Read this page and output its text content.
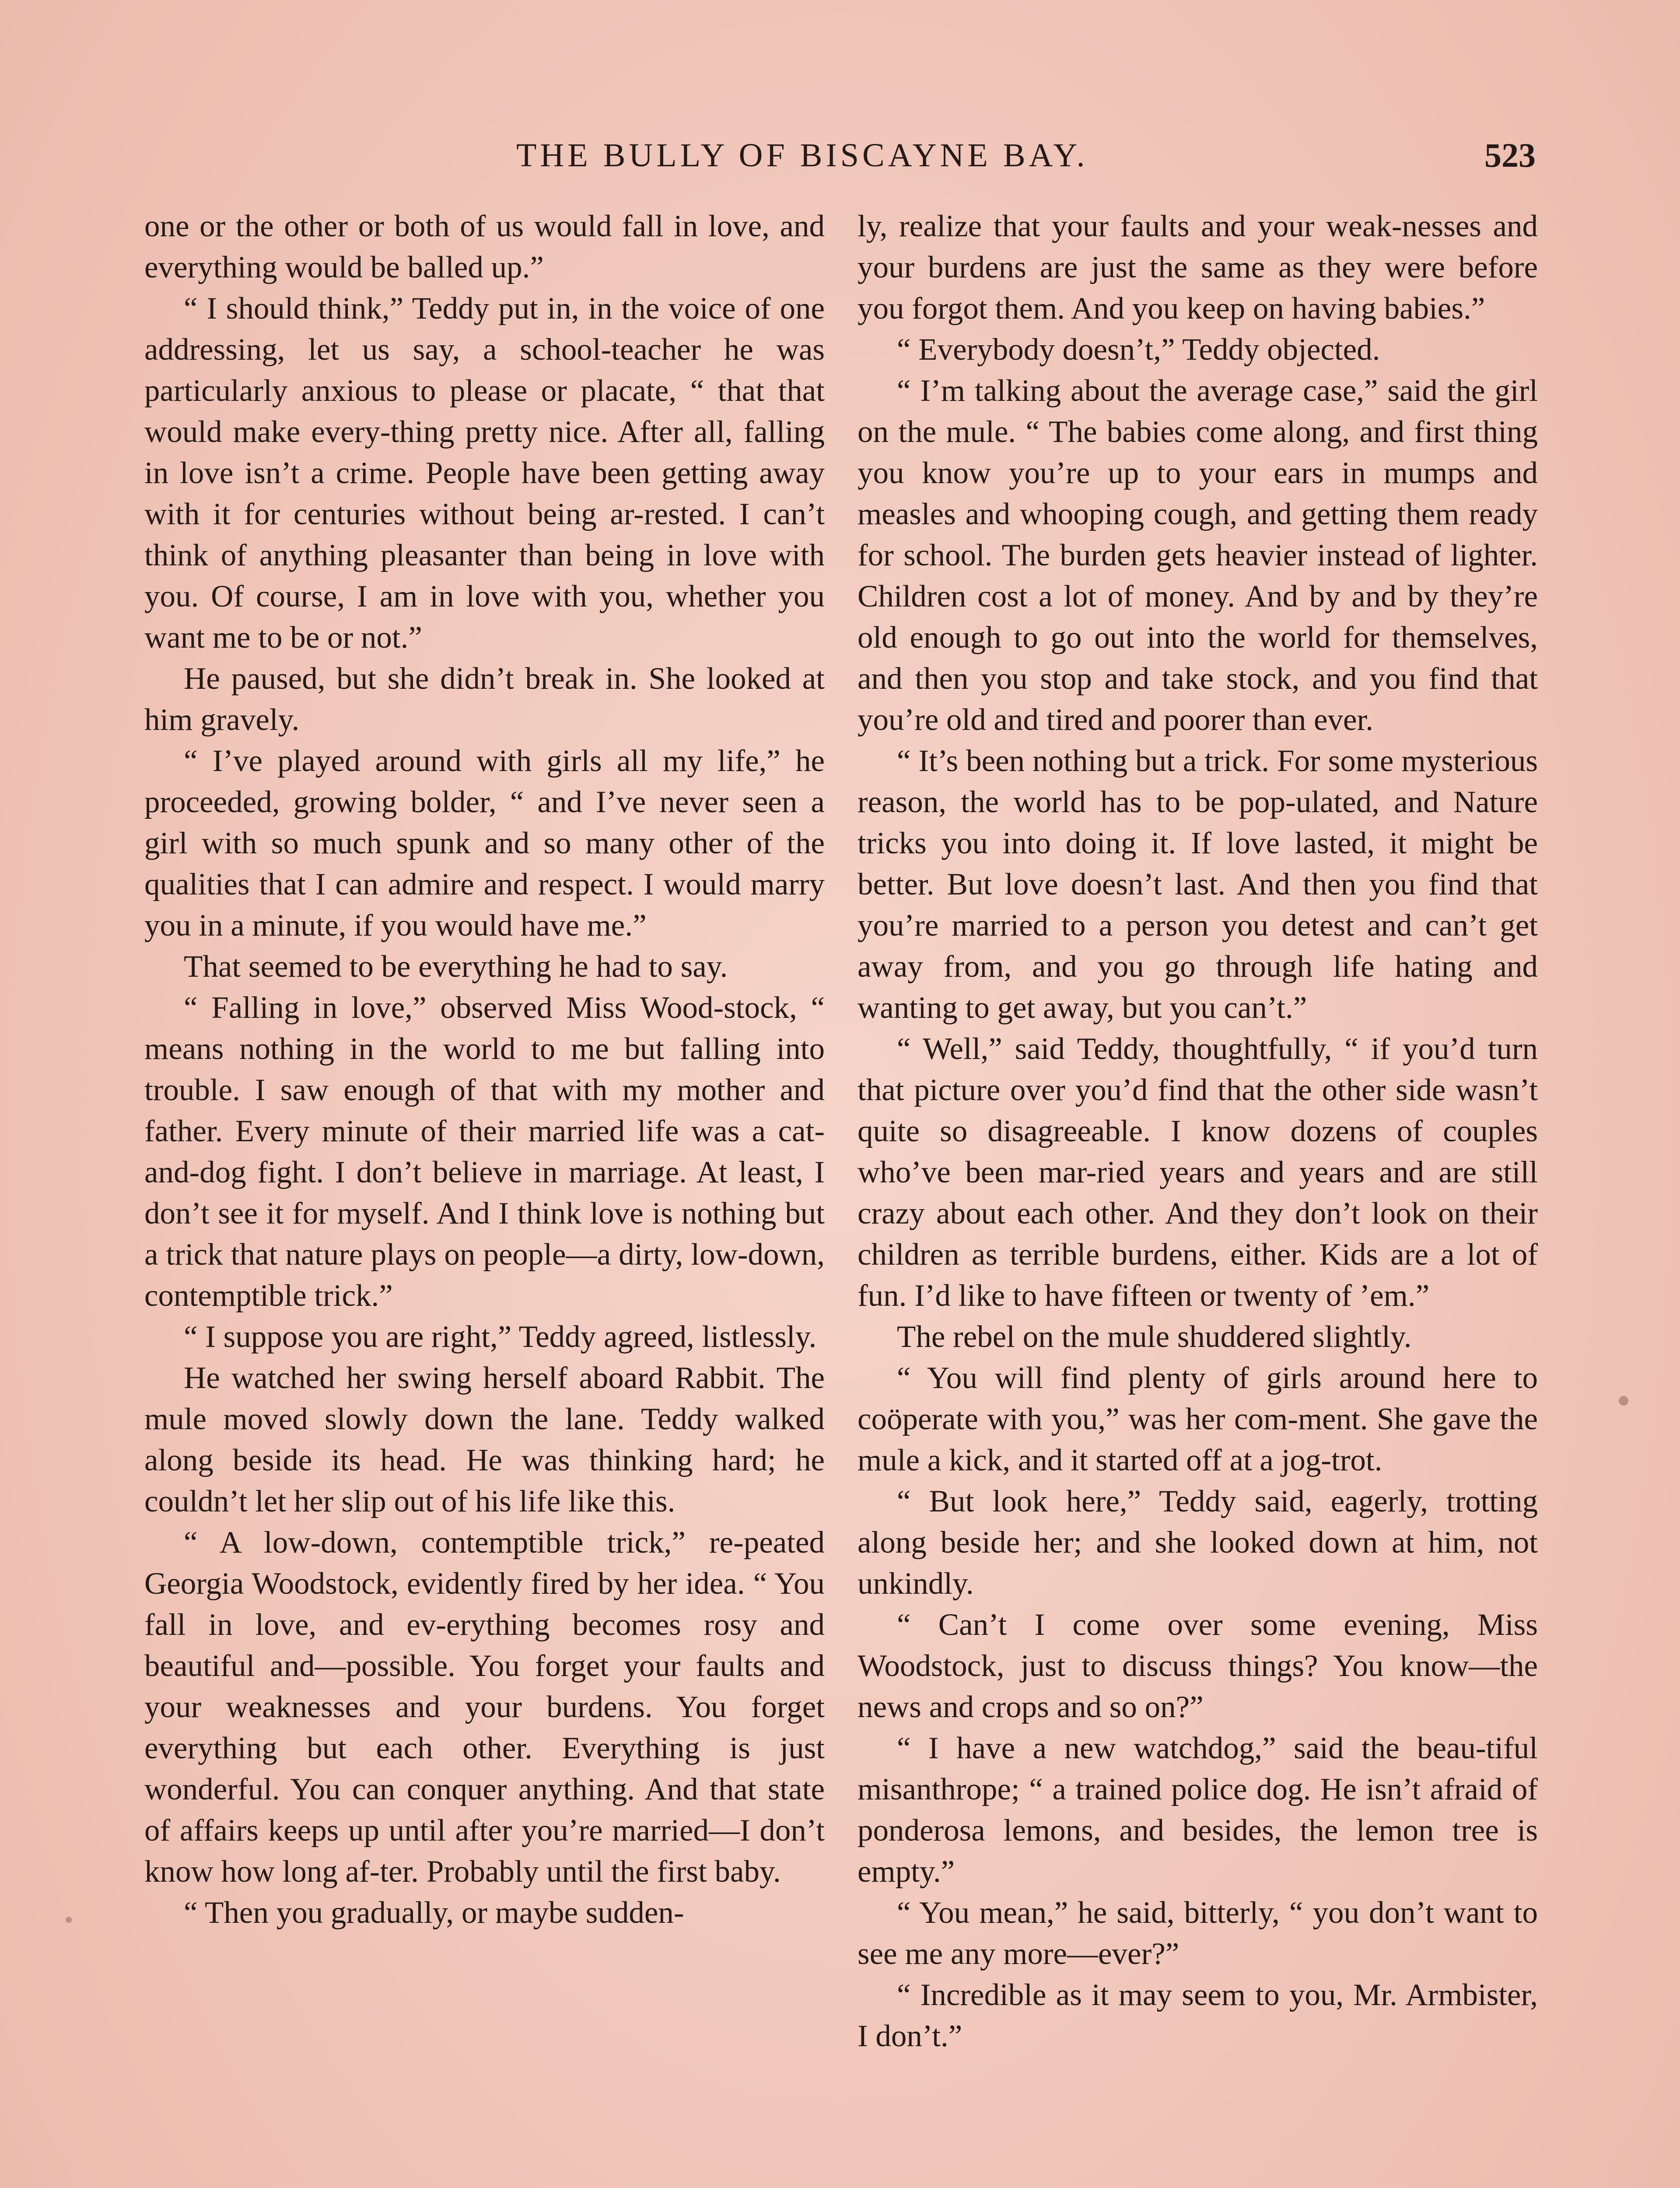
THE BULLY OF BISCAYNE BAY.	523

one or the other or both of us would fall in love, and everything would be balled up.”

“ I should think,” Teddy put in, in the voice of one addressing, let us say, a school-teacher he was particularly anxious to please or placate, “ that that would make every-thing pretty nice. After all, falling in love isn’t a crime. People have been getting away with it for centuries without being ar-rested. I can’t think of anything pleasanter than being in love with you. Of course, I am in love with you, whether you want me to be or not.”

He paused, but she didn’t break in. She looked at him gravely.

“ I’ve played around with girls all my life,” he proceeded, growing bolder, “ and I’ve never seen a girl with so much spunk and so many other of the qualities that I can admire and respect. I would marry you in a minute, if you would have me.”

That seemed to be everything he had to say.

“ Falling in love,” observed Miss Wood-stock, “ means nothing in the world to me but falling into trouble. I saw enough of that with my mother and father. Every minute of their married life was a cat-and-dog fight. I don’t believe in marriage. At least, I don’t see it for myself. And I think love is nothing but a trick that nature plays on people—a dirty, low-down, contemptible trick.”

“ I suppose you are right,” Teddy agreed, listlessly.

He watched her swing herself aboard Rabbit. The mule moved slowly down the lane. Teddy walked along beside its head. He was thinking hard; he couldn’t let her slip out of his life like this.

“ A low-down, contemptible trick,” re-peated Georgia Woodstock, evidently fired by her idea. “ You fall in love, and ev-erything becomes rosy and beautiful and—possible. You forget your faults and your weaknesses and your burdens. You forget everything but each other. Everything is just wonderful. You can conquer anything. And that state of affairs keeps up until after you’re married—I don’t know how long af-ter. Probably until the first baby.

“ Then you gradually, or maybe sudden-

ly, realize that your faults and your weak-nesses and your burdens are just the same as they were before you forgot them. And you keep on having babies.”

“ Everybody doesn’t,” Teddy objected.

“ I’m talking about the average case,” said the girl on the mule. “ The babies come along, and first thing you know you’re up to your ears in mumps and measles and whooping cough, and getting them ready for school. The burden gets heavier instead of lighter. Children cost a lot of money. And by and by they’re old enough to go out into the world for themselves, and then you stop and take stock, and you find that you’re old and tired and poorer than ever.

“ It’s been nothing but a trick. For some mysterious reason, the world has to be pop-ulated, and Nature tricks you into doing it. If love lasted, it might be better. But love doesn’t last. And then you find that you’re married to a person you detest and can’t get away from, and you go through life hating and wanting to get away, but you can’t.”

“ Well,” said Teddy, thoughtfully, “ if you’d turn that picture over you’d find that the other side wasn’t quite so disagreeable. I know dozens of couples who’ve been mar-ried years and years and are still crazy about each other. And they don’t look on their children as terrible burdens, either. Kids are a lot of fun. I’d like to have fifteen or twenty of ’em.”

The rebel on the mule shuddered slightly.

“ You will find plenty of girls around here to coöperate with you,” was her com-ment. She gave the mule a kick, and it started off at a jog-trot.

“ But look here,” Teddy said, eagerly, trotting along beside her; and she looked down at him, not unkindly.

“ Can’t I come over some evening, Miss Woodstock, just to discuss things? You know—the news and crops and so on?”

“ I have a new watchdog,” said the beau-tiful misanthrope; “ a trained police dog. He isn’t afraid of ponderosa lemons, and besides, the lemon tree is empty.”

“ You mean,” he said, bitterly, “ you don’t want to see me any more—ever?”

“ Incredible as it may seem to you, Mr. Armbister, I don’t.”
